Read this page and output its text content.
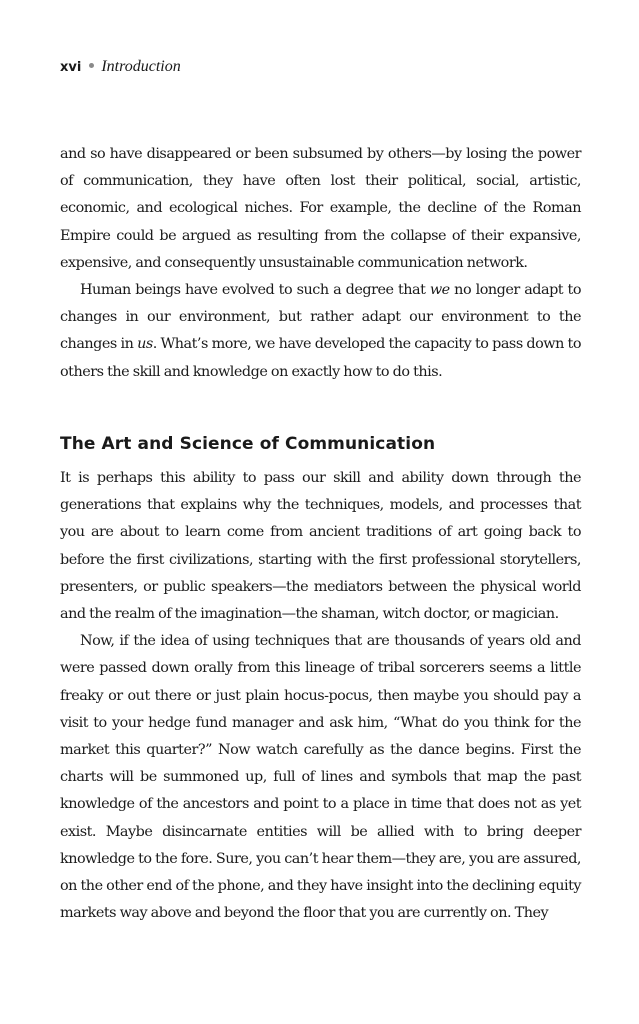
xvi Introduction

and so have disappeared or been subsumed by others—by losing the power of communication, they have often lost their political, social, artistic, economic, and ecological niches. For example, the decline of the Roman Empire could be argued as resulting from the collapse of their expansive, expensive, and consequently unsustainable communication network.

Human beings have evolved to such a degree that we no longer adapt to changes in our environment, but rather adapt our environment to the changes in us. What’s more, we have developed the capacity to pass down to others the skill and knowledge on exactly how to do this.

The Art and Science of Communication

It is perhaps this ability to pass our skill and ability down through the generations that explains why the techniques, models, and processes that you are about to learn come from ancient traditions of art going back to before the first civilizations, starting with the first professional storytellers, presenters, or public speakers—the mediators between the physical world and the realm of the imagination—the shaman, witch doctor, or magician.

Now, if the idea of using techniques that are thousands of years old and were passed down orally from this lineage of tribal sorcerers seems a little freaky or out there or just plain hocus-pocus, then maybe you should pay a visit to your hedge fund manager and ask him, “What do you think for the market this quarter?” Now watch carefully as the dance begins. First the charts will be summoned up, full of lines and symbols that map the past knowledge of the ancestors and point to a place in time that does not as yet exist. Maybe disincarnate entities will be allied with to bring deeper knowledge to the fore. Sure, you can’t hear them—they are, you are assured, on the other end of the phone, and they have insight into the declining equity markets way above and beyond the floor that you are currently on. They
